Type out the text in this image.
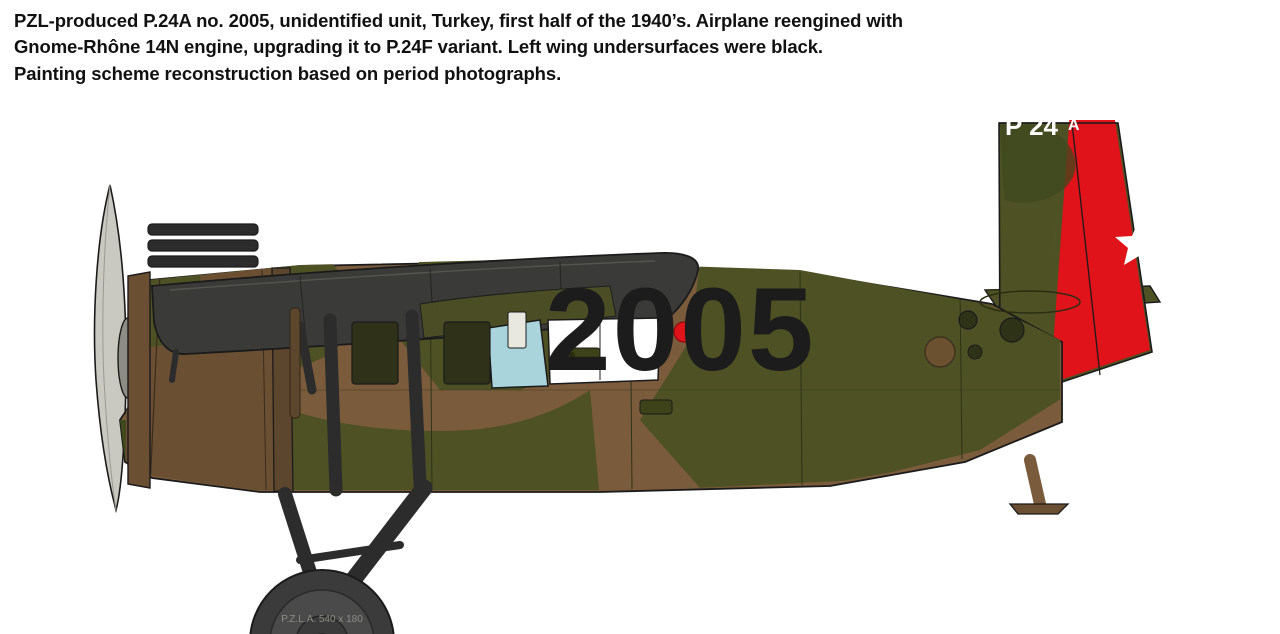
PZL-produced P.24A no. 2005, unidentified unit, Turkey, first half of the 1940’s. Airplane reengined with
Gnome-Rhône 14N engine, upgrading it to P.24F variant. Left wing undersurfaces were black.
Painting scheme reconstruction based on period photographs.
P 24 A
P.Z.L.A. 540 x 180
2005
